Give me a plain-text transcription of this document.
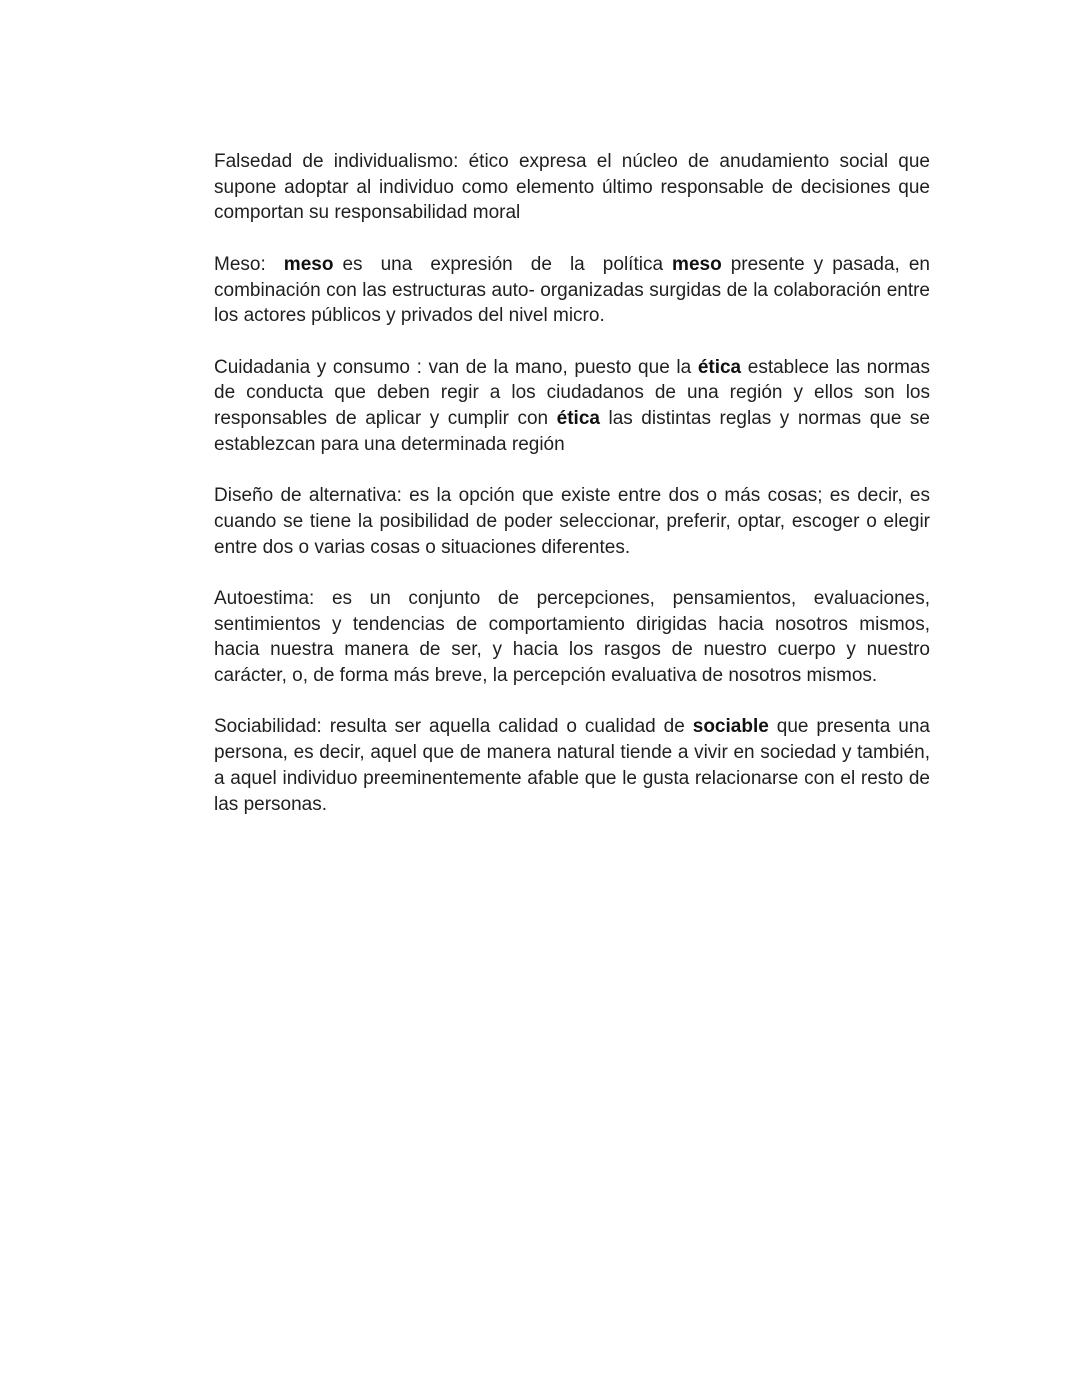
Falsedad de individualismo: ético expresa el núcleo de anudamiento social que supone adoptar al individuo como elemento último responsable de decisiones que comportan su responsabilidad moral

Meso:  meso es  una  expresión  de  la  política meso presente y pasada, en combinación con las estructuras auto- organizadas surgidas de la colaboración entre los actores públicos y privados del nivel micro.

Cuidadania y consumo : van de la mano, puesto que la ética establece las normas de conducta que deben regir a los ciudadanos de una región y ellos son los responsables de aplicar y cumplir con ética las distintas reglas y normas que se establezcan para una determinada región

Diseño de alternativa: es la opción que existe entre dos o más cosas; es decir, es cuando se tiene la posibilidad de poder seleccionar, preferir, optar, escoger o elegir entre dos o varias cosas o situaciones diferentes.

Autoestima: es un conjunto de percepciones, pensamientos, evaluaciones, sentimientos y tendencias de comportamiento dirigidas hacia nosotros mismos, hacia nuestra manera de ser, y hacia los rasgos de nuestro cuerpo y nuestro carácter, o, de forma más breve, la percepción evaluativa de nosotros mismos.

Sociabilidad: resulta ser aquella calidad o cualidad de sociable que presenta una persona, es decir, aquel que de manera natural tiende a vivir en sociedad y también, a aquel individuo preeminentemente afable que le gusta relacionarse con el resto de las personas.
